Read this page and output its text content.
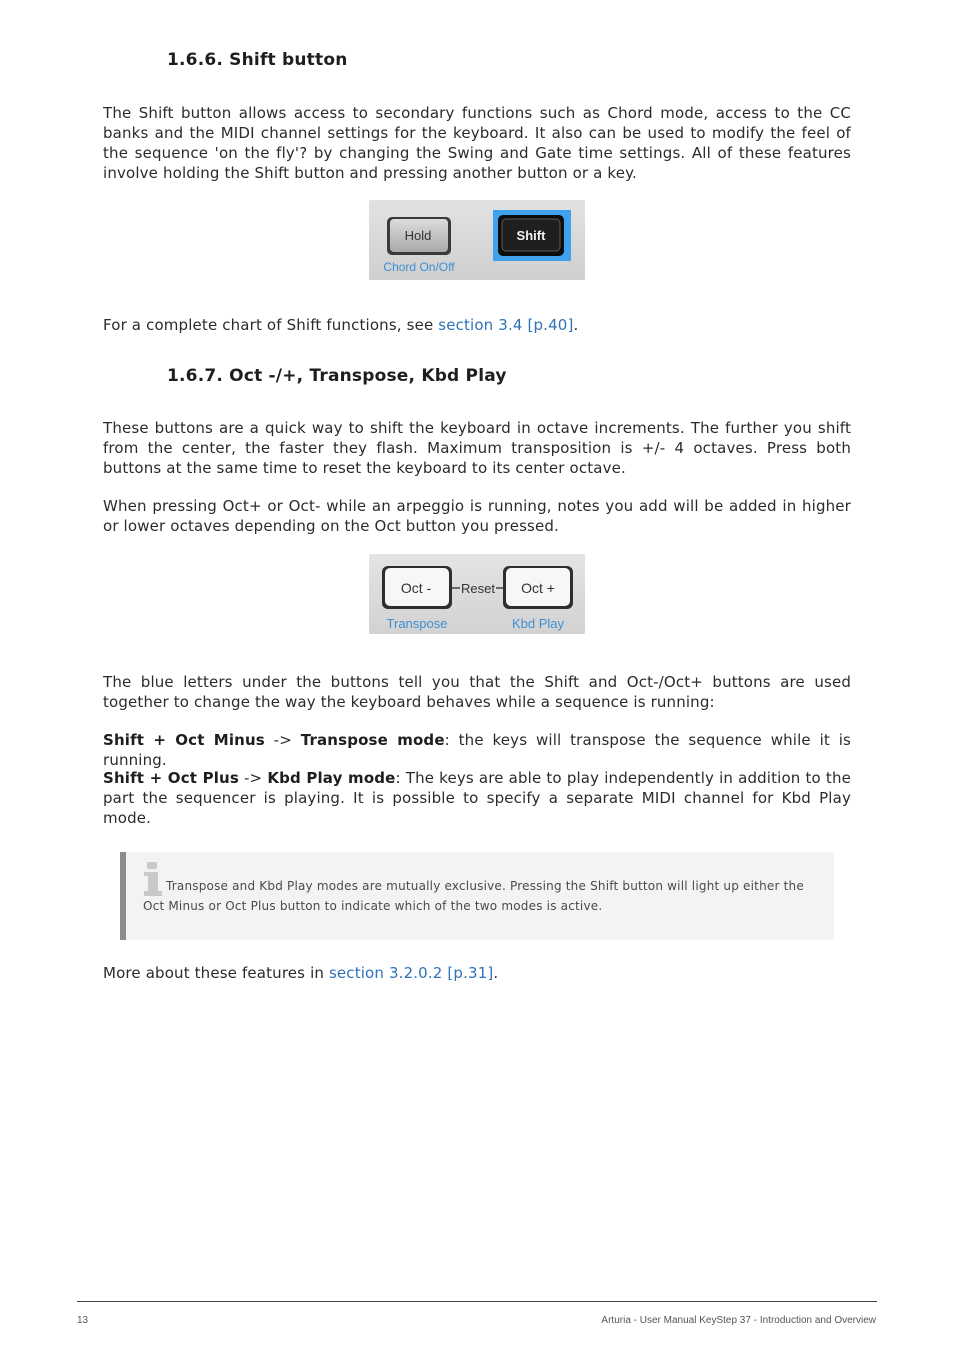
1.6.6. Shift button

The Shift button allows access to secondary functions such as Chord mode, access to the CC banks and the MIDI channel settings for the keyboard. It also can be used to modify the feel of the sequence 'on the fly'? by changing the Swing and Gate time settings. All of these features involve holding the Shift button and pressing another button or a key.

Hold
Chord On/Off
Shift

For a complete chart of Shift functions, see section 3.4 [p.40].

1.6.7. Oct -/+, Transpose, Kbd Play

These buttons are a quick way to shift the keyboard in octave increments. The further you shift from the center, the faster they flash. Maximum transposition is +/- 4 octaves. Press both buttons at the same time to reset the keyboard to its center octave.

When pressing Oct+ or Oct- while an arpeggio is running, notes you add will be added in higher or lower octaves depending on the Oct button you pressed.

Oct - Reset Oct +
Transpose	Kbd Play

The blue letters under the buttons tell you that the Shift and Oct-/Oct+ buttons are used together to change the way the keyboard behaves while a sequence is running:

Shift + Oct Minus -> Transpose mode: the keys will transpose the sequence while it is running.

Shift + Oct Plus -> Kbd Play mode: The keys are able to play independently in addition to the part the sequencer is playing. It is possible to specify a separate MIDI channel for Kbd Play mode.

Transpose and Kbd Play modes are mutually exclusive. Pressing the Shift button will light up either the Oct Minus or Oct Plus button to indicate which of the two modes is active.

More about these features in section 3.2.0.2 [p.31].

13	Arturia - User Manual KeyStep 37 - Introduction and Overview
